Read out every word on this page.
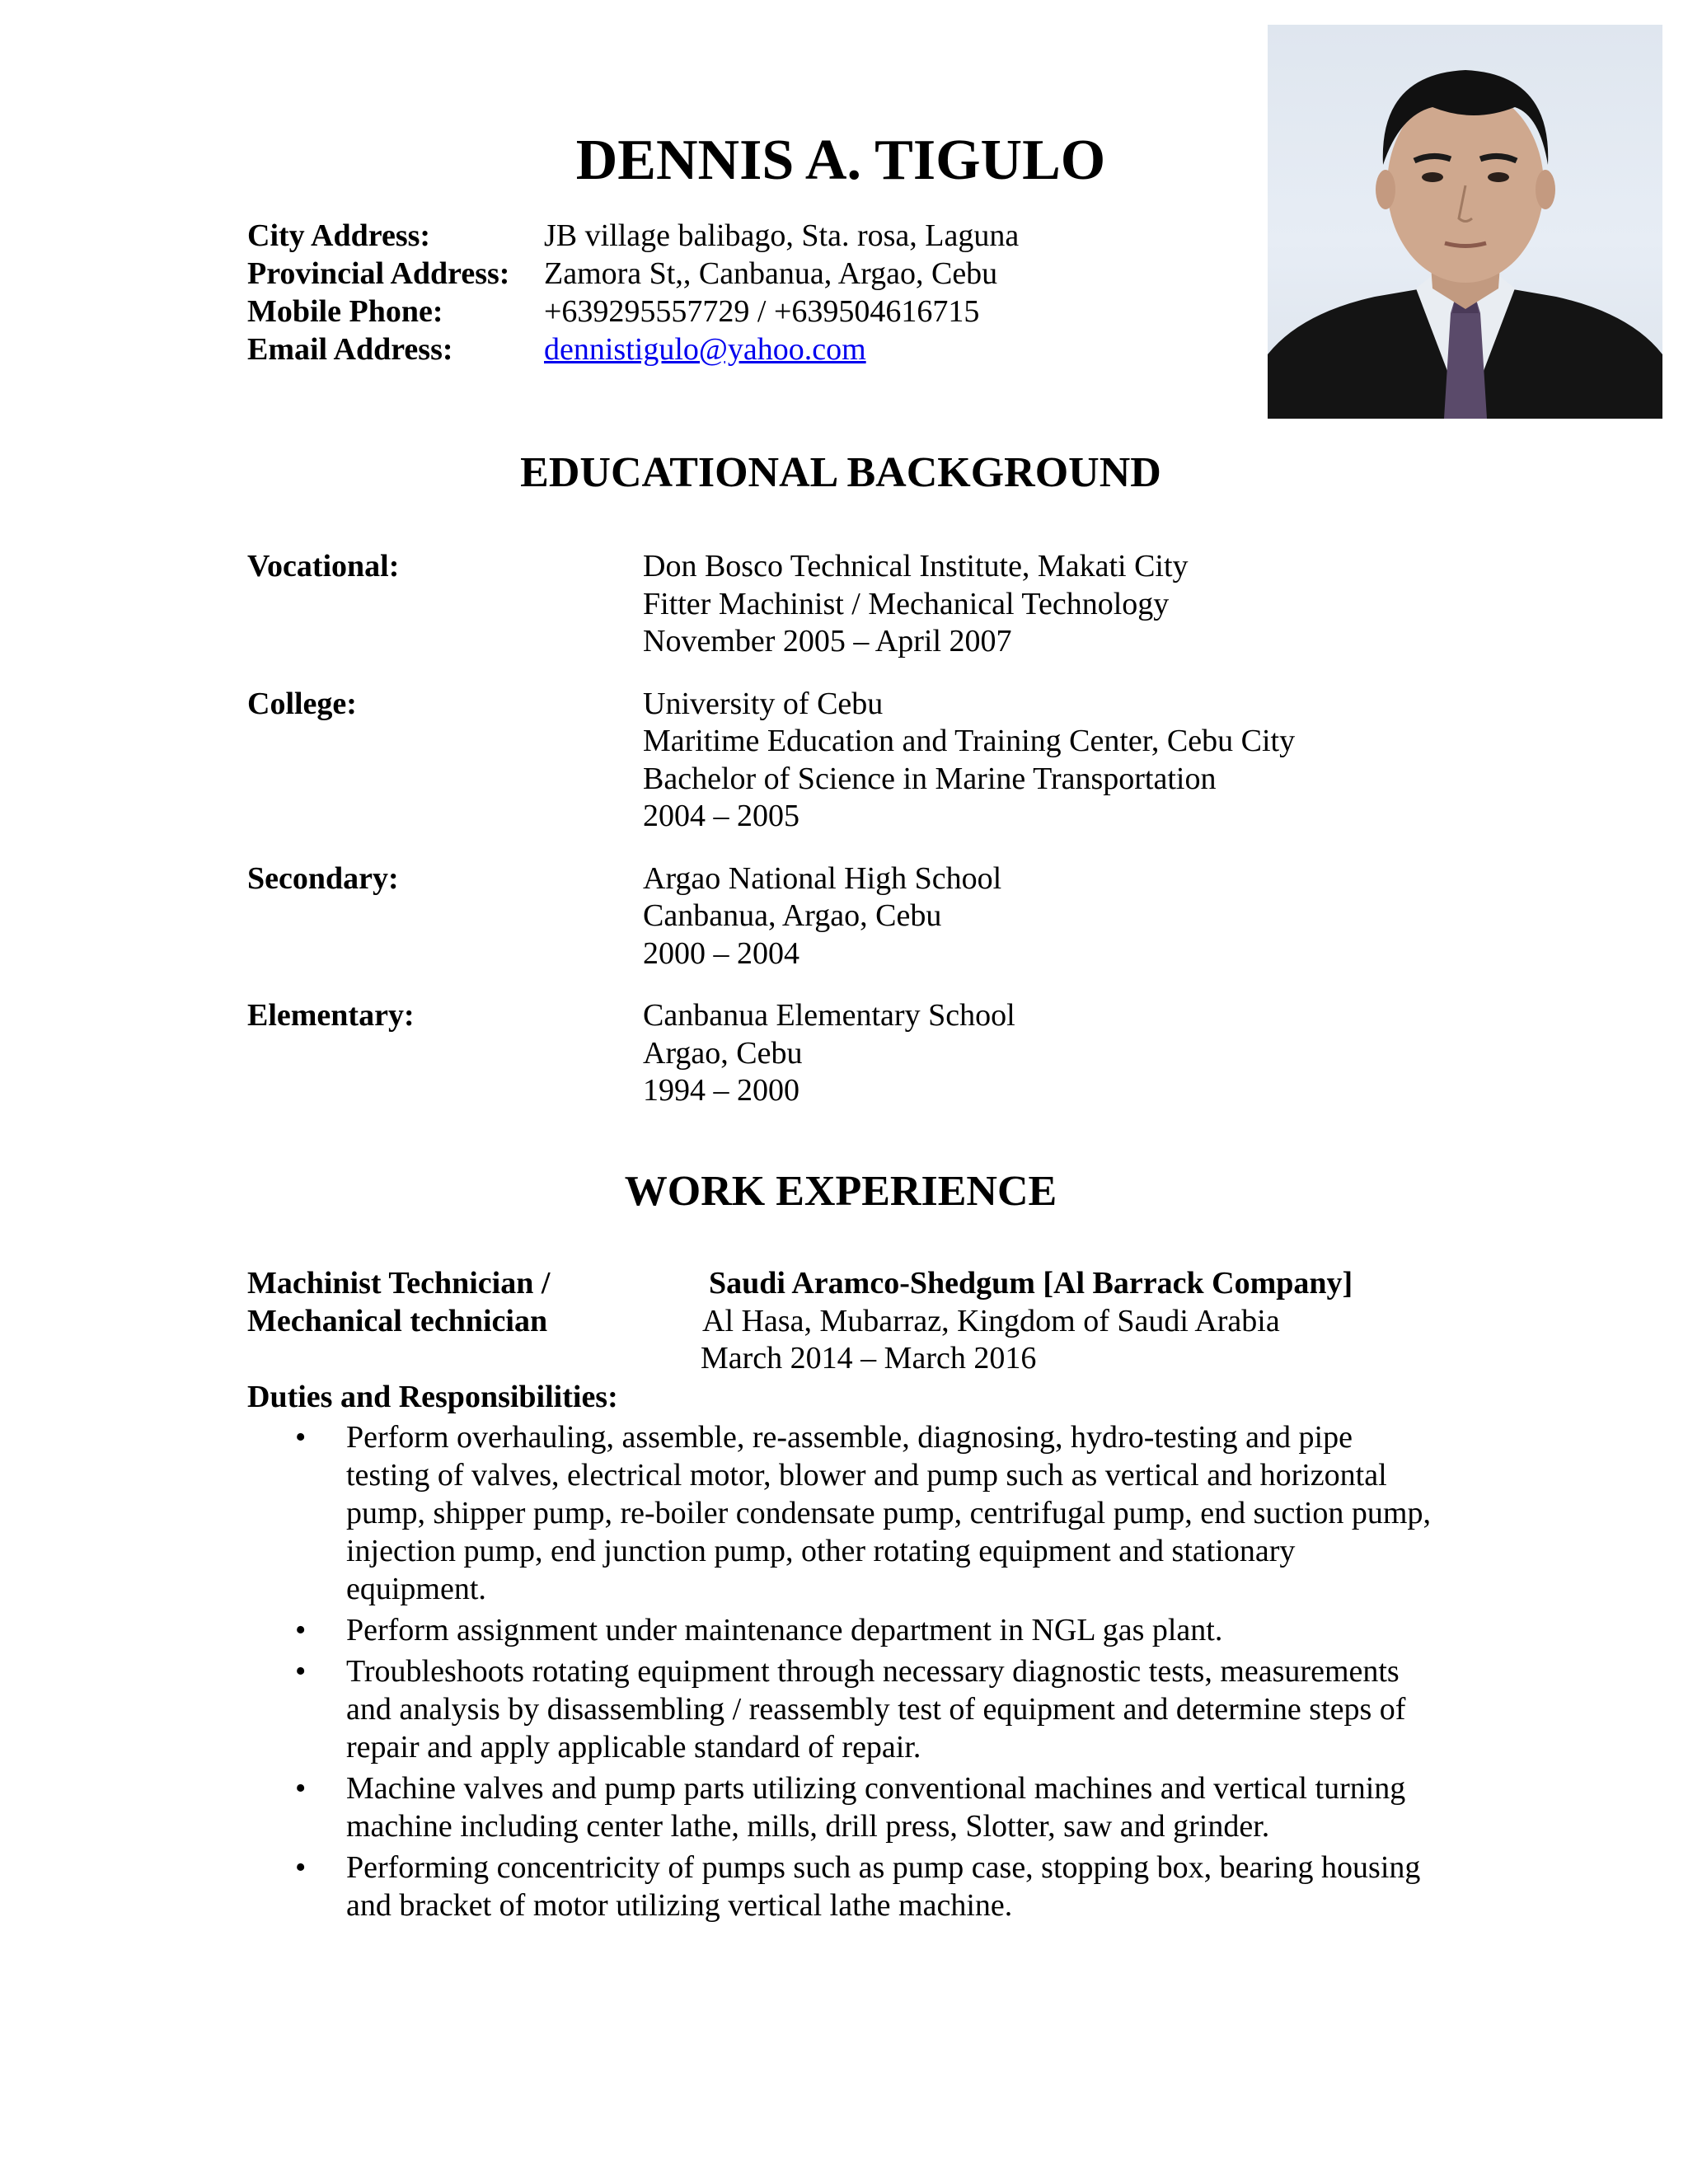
DENNIS A. TIGULO
City Address:	JB village balibago, Sta. rosa, Laguna
Provincial Address:	Zamora St,, Canbanua, Argao, Cebu
Mobile Phone:	+639295557729 / +639504616715
Email Address:	dennistigulo@yahoo.com
EDUCATIONAL BACKGROUND
Vocational:	Don Bosco Technical Institute, Makati City
Fitter Machinist / Mechanical Technology
November 2005 – April 2007
College:	University of Cebu
Maritime Education and Training Center, Cebu City
Bachelor of Science in Marine Transportation
2004 – 2005
Secondary:	Argao National High School
Canbanua, Argao, Cebu
2000 – 2004
Elementary:	Canbanua Elementary School
Argao, Cebu
1994 – 2000
WORK EXPERIENCE
Machinist Technician /	Saudi Aramco-Shedgum [Al Barrack Company]
Mechanical technician	Al Hasa, Mubarraz, Kingdom of Saudi Arabia
March 2014 – March 2016
Duties and Responsibilities:
• Perform overhauling, assemble, re-assemble, diagnosing, hydro-testing and pipe testing of valves, electrical motor, blower and pump such as vertical and horizontal pump, shipper pump, re-boiler condensate pump, centrifugal pump, end suction pump, injection pump, end junction pump, other rotating equipment and stationary equipment.
• Perform assignment under maintenance department in NGL gas plant.
• Troubleshoots rotating equipment through necessary diagnostic tests, measurements and analysis by disassembling / reassembly test of equipment and determine steps of repair and apply applicable standard of repair.
• Machine valves and pump parts utilizing conventional machines and vertical turning machine including center lathe, mills, drill press, Slotter, saw and grinder.
• Performing concentricity of pumps such as pump case, stopping box, bearing housing and bracket of motor utilizing vertical lathe machine.
